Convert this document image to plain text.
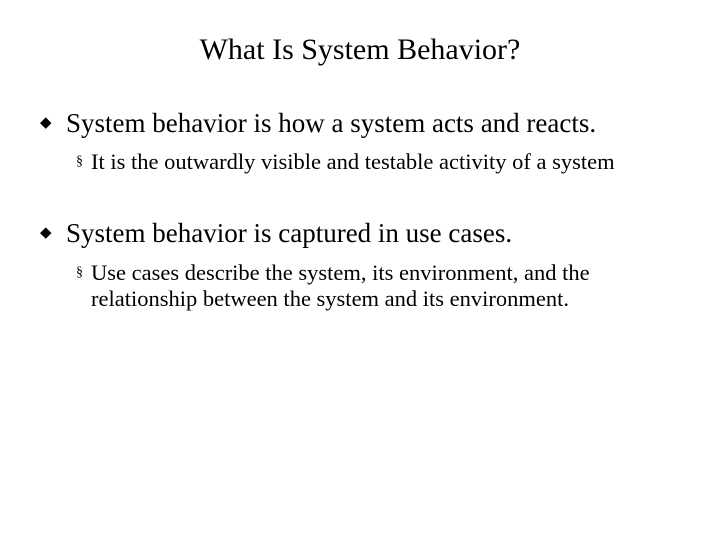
What Is System Behavior?
◆ System behavior is how a system acts and reacts.
§ It is the outwardly visible and testable activity of a system
◆ System behavior is captured in use cases.
§ Use cases describe the system, its environment, and the relationship between the system and its environment.
